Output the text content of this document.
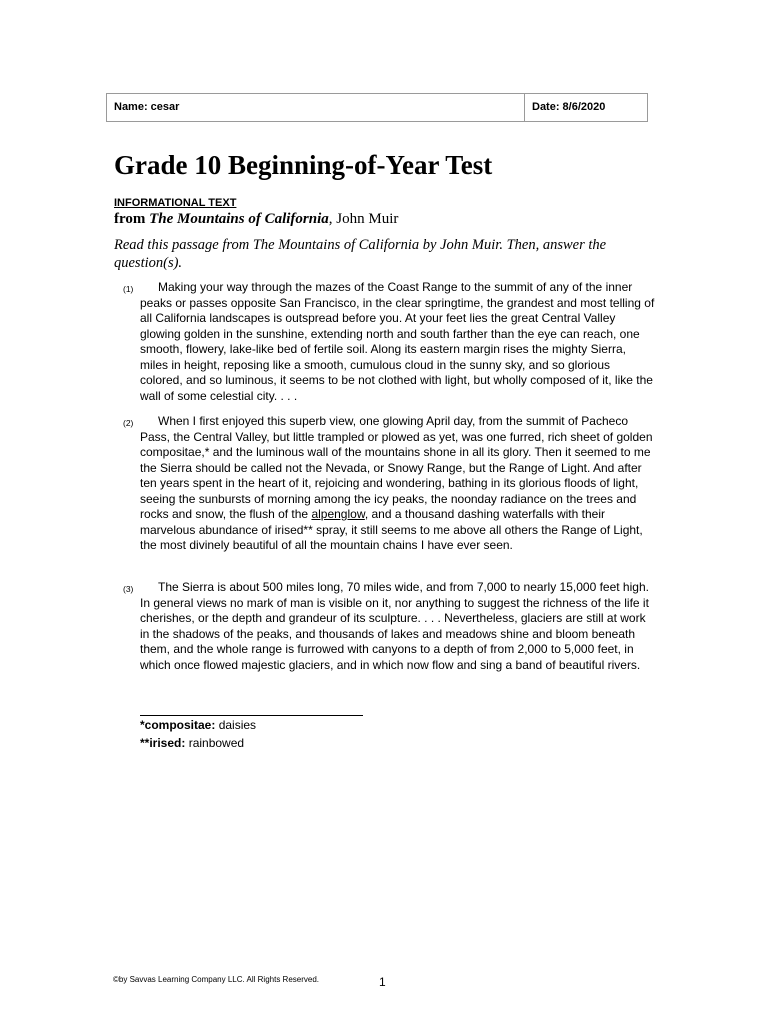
Name: cesar	Date: 8/6/2020
Grade 10 Beginning-of-Year Test
INFORMATIONAL TEXT
from The Mountains of California, John Muir

Read this passage from The Mountains of California by John Muir. Then, answer the question(s).

(1)	Making your way through the mazes of the Coast Range to the summit of any of the inner peaks or passes opposite San Francisco, in the clear springtime, the grandest and most telling of all California landscapes is outspread before you. At your feet lies the great Central Valley glowing golden in the sunshine, extending north and south farther than the eye can reach, one smooth, flowery, lake-like bed of fertile soil. Along its eastern margin rises the mighty Sierra, miles in height, reposing like a smooth, cumulous cloud in the sunny sky, and so glorious colored, and so luminous, it seems to be not clothed with light, but wholly composed of it, like the wall of some celestial city. . . .

(2)	When I first enjoyed this superb view, one glowing April day, from the summit of Pacheco Pass, the Central Valley, but little trampled or plowed as yet, was one furred, rich sheet of golden compositae,* and the luminous wall of the mountains shone in all its glory. Then it seemed to me the Sierra should be called not the Nevada, or Snowy Range, but the Range of Light. And after ten years spent in the heart of it, rejoicing and wondering, bathing in its glorious floods of light, seeing the sunbursts of morning among the icy peaks, the noonday radiance on the trees and rocks and snow, the flush of the alpenglow, and a thousand dashing waterfalls with their marvelous abundance of irised** spray, it still seems to me above all others the Range of Light, the most divinely beautiful of all the mountain chains I have ever seen.

(3)	The Sierra is about 500 miles long, 70 miles wide, and from 7,000 to nearly 15,000 feet high. In general views no mark of man is visible on it, nor anything to suggest the richness of the life it cherishes, or the depth and grandeur of its sculpture. . . . Nevertheless, glaciers are still at work in the shadows of the peaks, and thousands of lakes and meadows shine and bloom beneath them, and the whole range is furrowed with canyons to a depth of from 2,000 to 5,000 feet, in which once flowed majestic glaciers, and in which now flow and sing a band of beautiful rivers.

*compositae: daisies
**irised: rainbowed
©by Savvas Learning Company LLC. All Rights Reserved.	1
